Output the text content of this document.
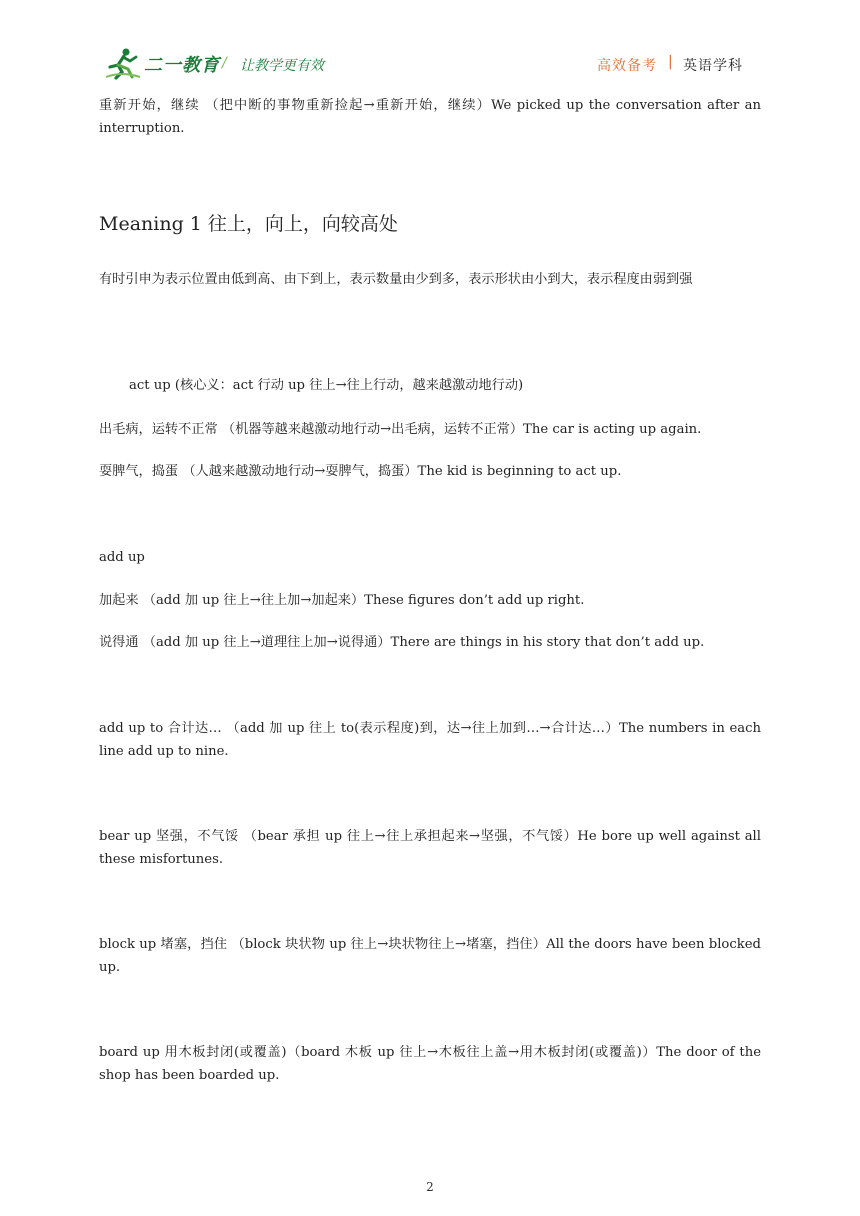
二一教育 / 让教学更有效	高效备考 | 英语学科
重新开始，继续 （把中断的事物重新捡起→重新开始，继续）We picked up the conversation after an interruption.
Meaning 1 往上，向上，向较高处
有时引申为表示位置由低到高、由下到上，表示数量由少到多，表示形状由小到大，表示程度由弱到强
act up (核心义：act 行动 up 往上→往上行动，越来越激动地行动)
出毛病，运转不正常 （机器等越来越激动地行动→出毛病，运转不正常）The car is acting up again.
耍脾气，捣蛋 （人越来越激动地行动→耍脾气，捣蛋）The kid is beginning to act up.
add up
加起来 （add 加 up 往上→往上加→加起来）These figures don’t add up right.
说得通 （add 加 up 往上→道理往上加→说得通）There are things in his story that don’t add up.
add up to 合计达… （add 加 up 往上 to(表示程度)到，达→往上加到…→合计达…）The numbers in each line add up to nine.
bear up 坚强，不气馁 （bear 承担 up 往上→往上承担起来→坚强，不气馁）He bore up well against all these misfortunes.
block up 堵塞，挡住 （block 块状物 up 往上→块状物往上→堵塞，挡住）All the doors have been blocked up.
board up 用木板封闭(或覆盖)（board 木板 up 往上→木板往上盖→用木板封闭(或覆盖)）The door of the shop has been boarded up.
2
